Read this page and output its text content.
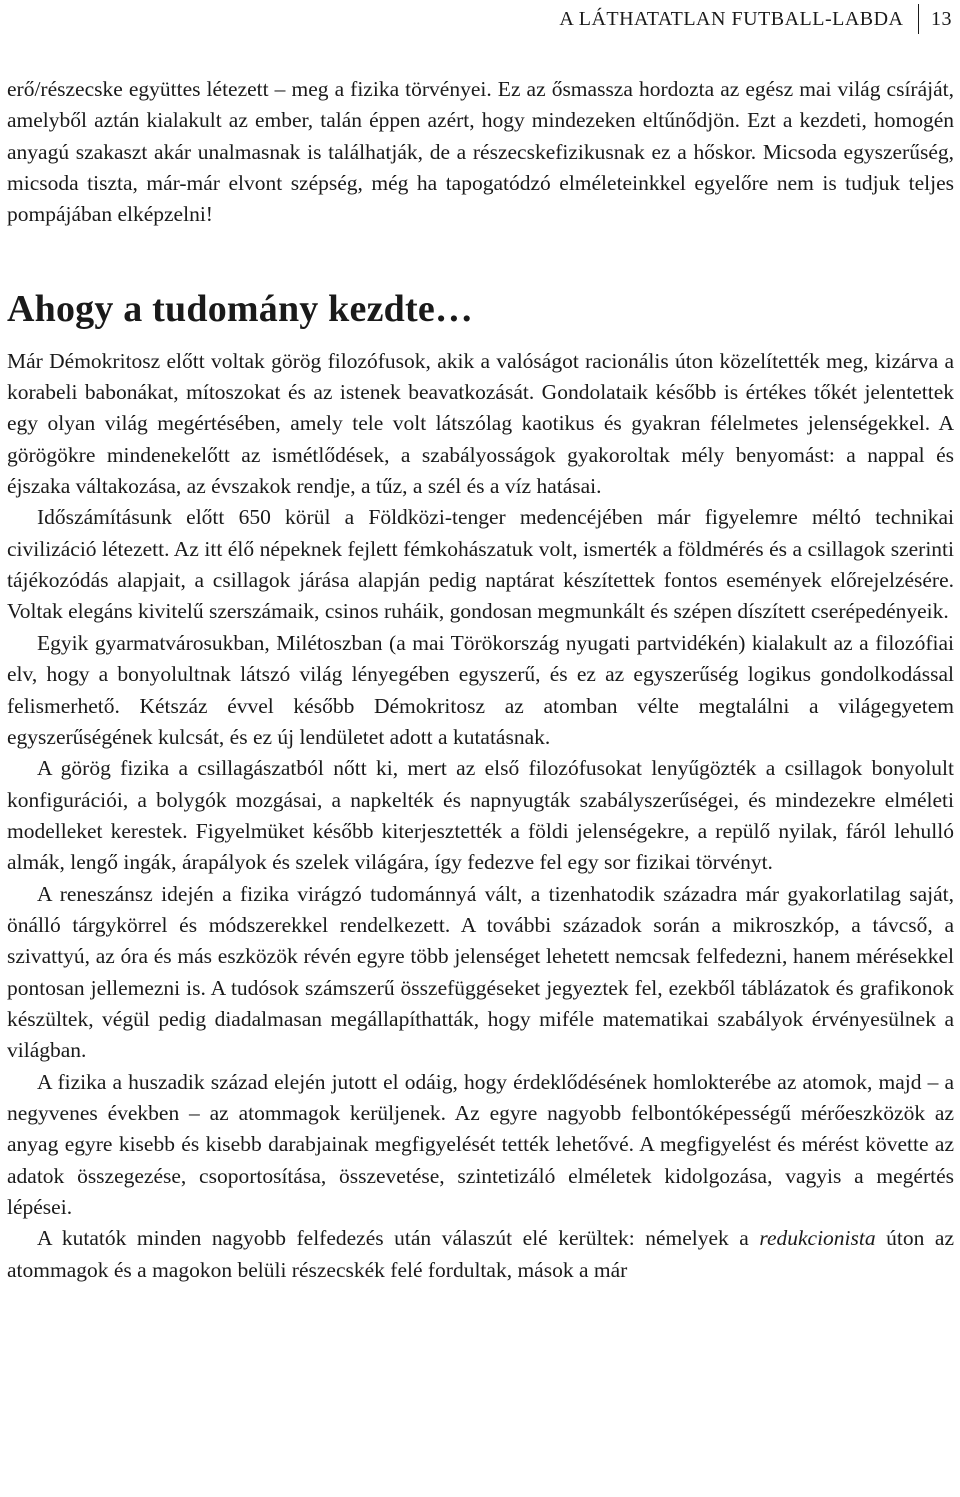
A LÁTHATATLAN FUTBALL-LABDA	13

erő/részecske együttes létezett – meg a fizika törvényei. Ez az ősmassza hordozta az egész mai világ csíráját, amelyből aztán kialakult az ember, talán éppen azért, hogy mindezeken eltűnődjön. Ezt a kezdeti, homogén anyagú szakaszt akár unalmasnak is találhatják, de a részecskefizikusnak ez a hőskor. Micsoda egyszerűség, micsoda tiszta, már-már elvont szépség, még ha tapogatódzó elméleteinkkel egyelőre nem is tudjuk teljes pompájában elképzelni!

Ahogy a tudomány kezdte…

Már Démokritosz előtt voltak görög filozófusok, akik a valóságot racionális úton közelítették meg, kizárva a korabeli babonákat, mítoszokat és az istenek beavatkozását. Gondolataik később is értékes tőkét jelentettek egy olyan világ megértésében, amely tele volt látszólag kaotikus és gyakran félelmetes jelenségekkel. A görögökre mindenekelőtt az ismétlődések, a szabályosságok gyakoroltak mély benyomást: a nappal és éjszaka váltakozása, az évszakok rendje, a tűz, a szél és a víz hatásai.

Időszámításunk előtt 650 körül a Földközi-tenger medencéjében már figyelemre méltó technikai civilizáció létezett. Az itt élő népeknek fejlett fémkohászatuk volt, ismerték a földmérés és a csillagok szerinti tájékozódás alapjait, a csillagok járása alapján pedig naptárat készítettek fontos események előrejelzésére. Voltak elegáns kivitelű szerszámaik, csinos ruháik, gondosan megmunkált és szépen díszített cserépedényeik.

Egyik gyarmatvárosukban, Milétoszban (a mai Törökország nyugati partvidékén) kialakult az a filozófiai elv, hogy a bonyolultnak látszó világ lényegében egyszerű, és ez az egyszerűség logikus gondolkodással felismerhető. Kétszáz évvel később Démokritosz az atomban vélte megtalálni a világegyetem egyszerűségének kulcsát, és ez új lendületet adott a kutatásnak.

A görög fizika a csillagászatból nőtt ki, mert az első filozófusokat lenyűgözték a csillagok bonyolult konfigurációi, a bolygók mozgásai, a napkelték és napnyugták szabályszerűségei, és mindezekre elméleti modelleket kerestek. Figyelmüket később kiterjesztették a földi jelenségekre, a repülő nyilak, fáról lehulló almák, lengő ingák, árapályok és szelek világára, így fedezve fel egy sor fizikai törvényt.

A reneszánsz idején a fizika virágzó tudománnyá vált, a tizenhatodik századra már gyakorlatilag saját, önálló tárgykörrel és módszerekkel rendelkezett. A további századok során a mikroszkóp, a távcső, a szivattyú, az óra és más eszközök révén egyre több jelenséget lehetett nemcsak felfedezni, hanem mérésekkel pontosan jellemezni is. A tudósok számszerű összefüggéseket jegyeztek fel, ezekből táblázatok és grafikonok készültek, végül pedig diadalmasan megállapíthatták, hogy miféle matematikai szabályok érvényesülnek a világban.

A fizika a huszadik század elején jutott el odáig, hogy érdeklődésének homlokterébe az atomok, majd – a negyvenes években – az atommagok kerüljenek. Az egyre nagyobb felbontóképességű mérőeszközök az anyag egyre kisebb és kisebb darabjainak megfigyelését tették lehetővé. A megfigyelést és mérést követte az adatok összegezése, csoportosítása, összevetése, szintetizáló elméletek kidolgozása, vagyis a megértés lépései.

A kutatók minden nagyobb felfedezés után válaszút elé kerültek: némelyek a redukcionista úton az atommagok és a magokon belüli részecskék felé fordultak, mások a már
